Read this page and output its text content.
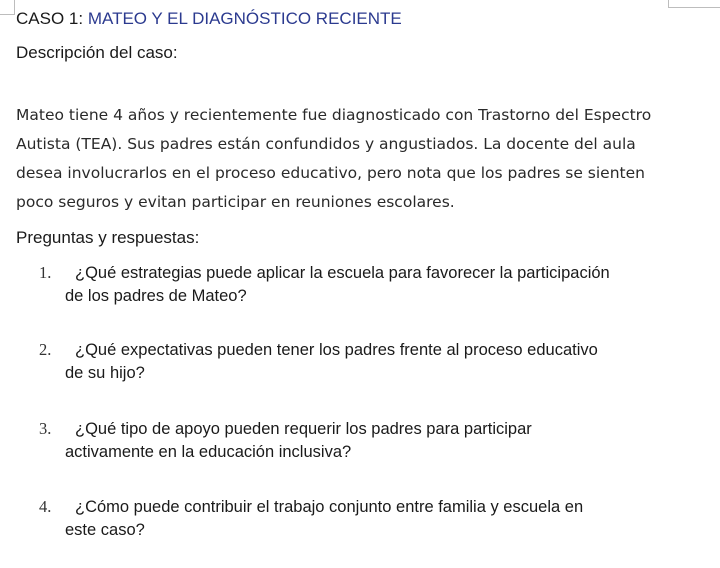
CASO 1: MATEO Y EL DIAGNÓSTICO RECIENTE
Descripción del caso:

Mateo tiene 4 años y recientemente fue diagnosticado con Trastorno del Espectro Autista (TEA). Sus padres están confundidos y angustiados. La docente del aula desea involucrarlos en el proceso educativo, pero nota que los padres se sienten poco seguros y evitan participar en reuniones escolares.

Preguntas y respuestas:
1. ¿Qué estrategias puede aplicar la escuela para favorecer la participación
de los padres de Mateo?
2. ¿Qué expectativas pueden tener los padres frente al proceso educativo
de su hijo?
3. ¿Qué tipo de apoyo pueden requerir los padres para participar
activamente en la educación inclusiva?
4. ¿Cómo puede contribuir el trabajo conjunto entre familia y escuela en
este caso?
